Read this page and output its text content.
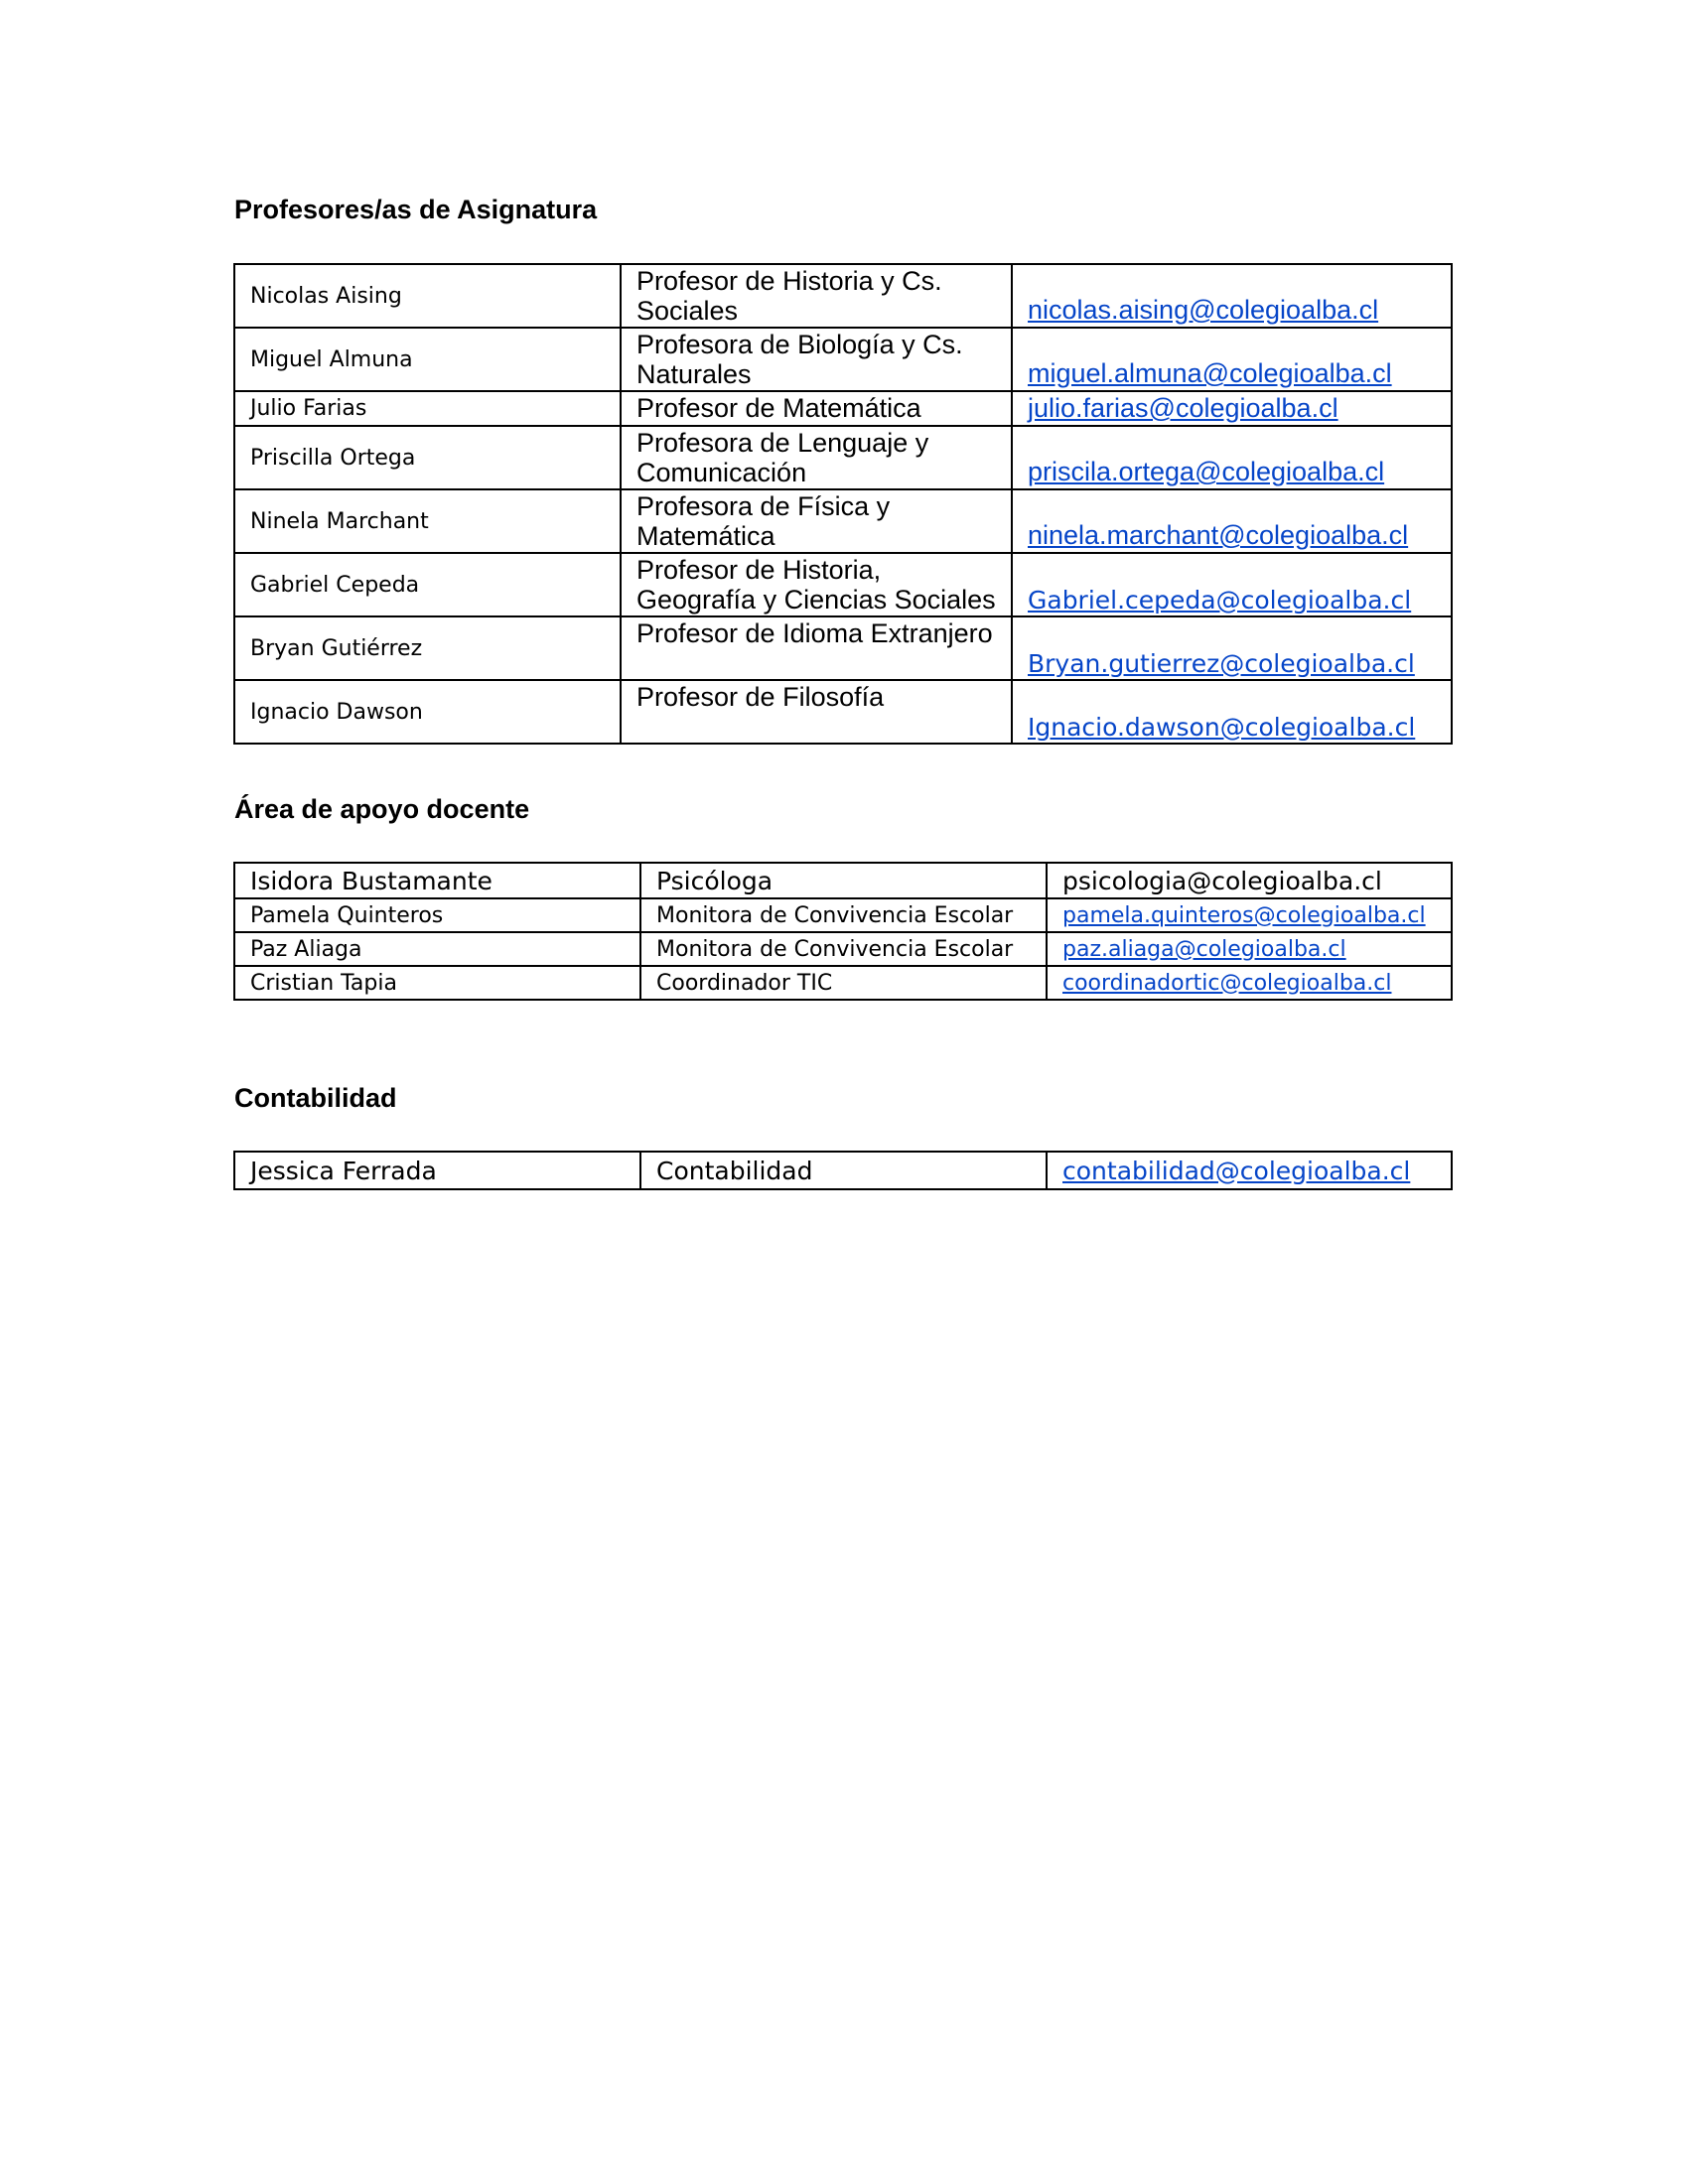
Profesores/as de Asignatura
Nicolas Aising	Profesor de Historia y Cs. Sociales	nicolas.aising@colegioalba.cl
Miguel Almuna	Profesora de Biología y Cs. Naturales	miguel.almuna@colegioalba.cl
Julio Farias	Profesor de Matemática	julio.farias@colegioalba.cl
Priscilla Ortega	Profesora de Lenguaje y Comunicación	priscila.ortega@colegioalba.cl
Ninela Marchant	Profesora de Física y Matemática	ninela.marchant@colegioalba.cl
Gabriel Cepeda	Profesor de Historia, Geografía y Ciencias Sociales	Gabriel.cepeda@colegioalba.cl
Bryan Gutiérrez	Profesor de Idioma Extranjero	Bryan.gutierrez@colegioalba.cl
Ignacio Dawson	Profesor de Filosofía	Ignacio.dawson@colegioalba.cl
Área de apoyo docente
Isidora Bustamante	Psicóloga	psicologia@colegioalba.cl
Pamela Quinteros	Monitora de Convivencia Escolar	pamela.quinteros@colegioalba.cl
Paz Aliaga	Monitora de Convivencia Escolar	paz.aliaga@colegioalba.cl
Cristian Tapia	Coordinador TIC	coordinadortic@colegioalba.cl
Contabilidad
Jessica Ferrada	Contabilidad	contabilidad@colegioalba.cl
